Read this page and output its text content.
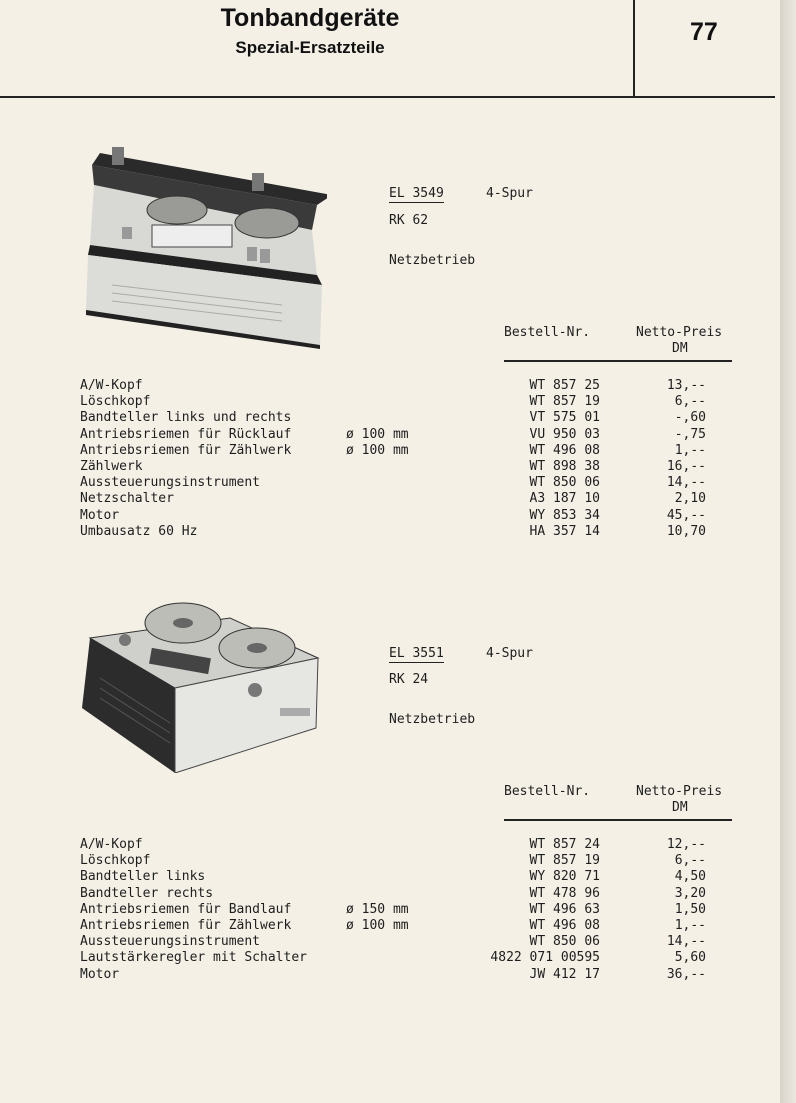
Tonbandgeräte
Spezial-Ersatzteile
77
EL 3549	4-Spur
RK 62
Netzbetrieb
Bestell-Nr.	Netto-Preis
DM
A/W-Kopf	WT 857 25	13,--
Löschkopf	WT 857 19	6,--
Bandteller links und rechts	VT 575 01	-,60
Antriebsriemen für Rücklauf	ø 100 mm	VU 950 03	-,75
Antriebsriemen für Zählwerk	ø 100 mm	WT 496 08	1,--
Zählwerk	WT 898 38	16,--
Aussteuerungsinstrument	WT 850 06	14,--
Netzschalter	A3 187 10	2,10
Motor	WY 853 34	45,--
Umbausatz 60 Hz	HA 357 14	10,70
EL 3551	4-Spur
RK 24
Netzbetrieb
Bestell-Nr.	Netto-Preis
DM
A/W-Kopf	WT 857 24	12,--
Löschkopf	WT 857 19	6,--
Bandteller links	WY 820 71	4,50
Bandteller rechts	WT 478 96	3,20
Antriebsriemen für Bandlauf	ø 150 mm	WT 496 63	1,50
Antriebsriemen für Zählwerk	ø 100 mm	WT 496 08	1,--
Aussteuerungsinstrument	WT 850 06	14,--
Lautstärkeregler mit Schalter	4822 071 00595	5,60
Motor	JW 412 17	36,--
